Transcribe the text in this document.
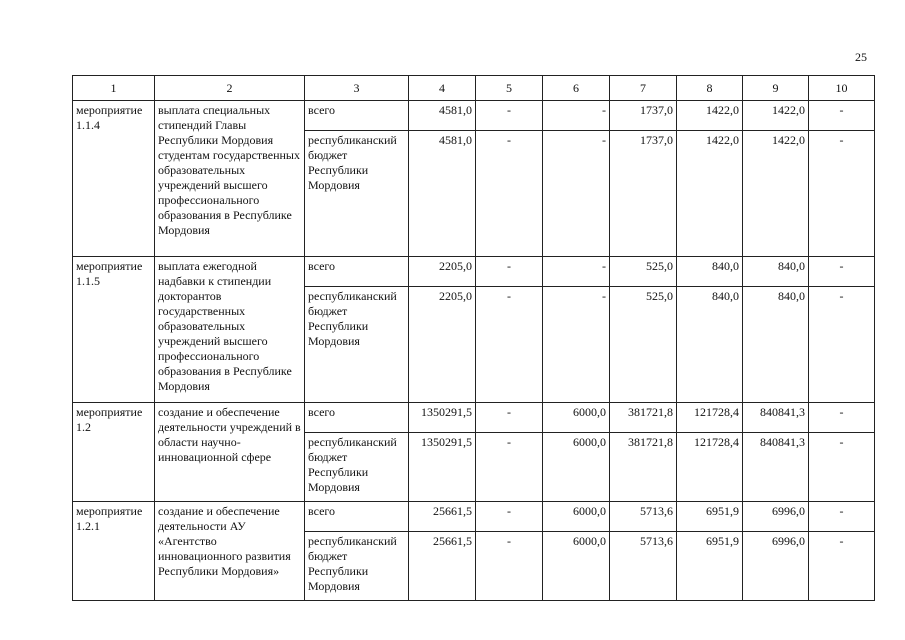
25
1	2	3	4	5	6	7	8	9	10
мероприятие 1.1.4	выплата специальных стипендий Главы Республики Мордовия студентам государственных образовательных учреждений высшего профессионального образования в Республике Мордовия	всего	4581,0	-	-	1737,0	1422,0	1422,0	-
		республиканский бюджет Республики Мордовия	4581,0	-	-	1737,0	1422,0	1422,0	-
мероприятие 1.1.5	выплата ежегодной надбавки к стипендии докторантов государственных образовательных учреждений высшего профессионального образования в Республике Мордовия	всего	2205,0	-	-	525,0	840,0	840,0	-
		республиканский бюджет Республики Мордовия	2205,0	-	-	525,0	840,0	840,0	-
мероприятие 1.2	создание и обеспечение деятельности учреждений в области научно-инновационной сфере	всего	1350291,5	-	6000,0	381721,8	121728,4	840841,3	-
		республиканский бюджет Республики Мордовия	1350291,5	-	6000,0	381721,8	121728,4	840841,3	-
мероприятие 1.2.1	создание и обеспечение деятельности АУ «Агентство инновационного развития Республики Мордовия»	всего	25661,5	-	6000,0	5713,6	6951,9	6996,0	-
		республиканский бюджет Республики Мордовия	25661,5	-	6000,0	5713,6	6951,9	6996,0	-
